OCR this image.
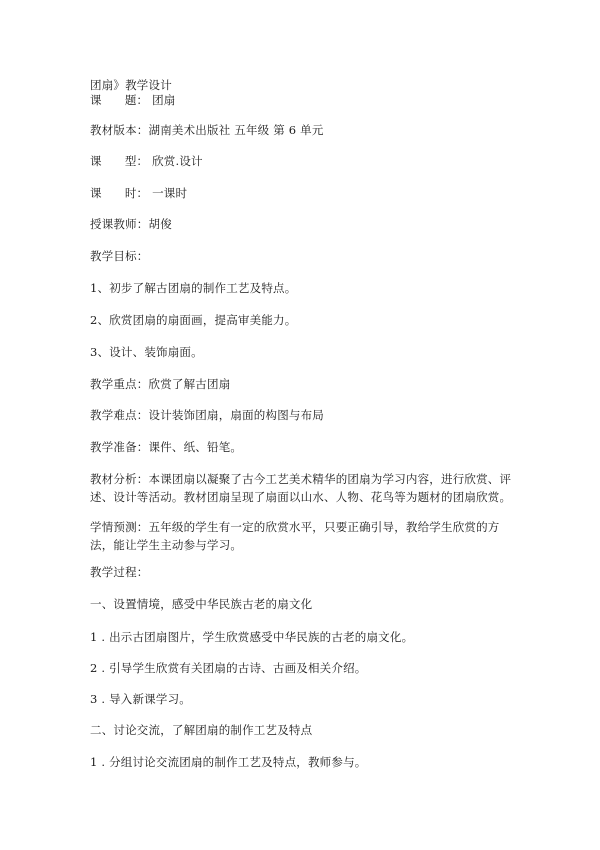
团扇》教学设计
课      题： 团扇
教材版本：湖南美术出版社 五年级 第 6 单元
课      型： 欣赏.设计
课      时： 一课时
授课教师：胡俊
教学目标：
1、初步了解古团扇的制作工艺及特点。
2、欣赏团扇的扇面画，提高审美能力。
3、设计、装饰扇面。
教学重点：欣赏了解古团扇
教学难点：设计装饰团扇，扇面的构图与布局
教学准备：课件、纸、铅笔。
教材分析：本课团扇以凝聚了古今工艺美术精华的团扇为学习内容，进行欣赏、评述、设计等活动。教材团扇呈现了扇面以山水、人物、花鸟等为题材的团扇欣赏。
学情预测：五年级的学生有一定的欣赏水平，只要正确引导，教给学生欣赏的方法，能让学生主动参与学习。
教学过程：
一、设置情境，感受中华民族古老的扇文化
1 . 出示古团扇图片，学生欣赏感受中华民族的古老的扇文化。
2 . 引导学生欣赏有关团扇的古诗、古画及相关介绍。
3 . 导入新课学习。
二、讨论交流，了解团扇的制作工艺及特点
1 . 分组讨论交流团扇的制作工艺及特点，教师参与。
